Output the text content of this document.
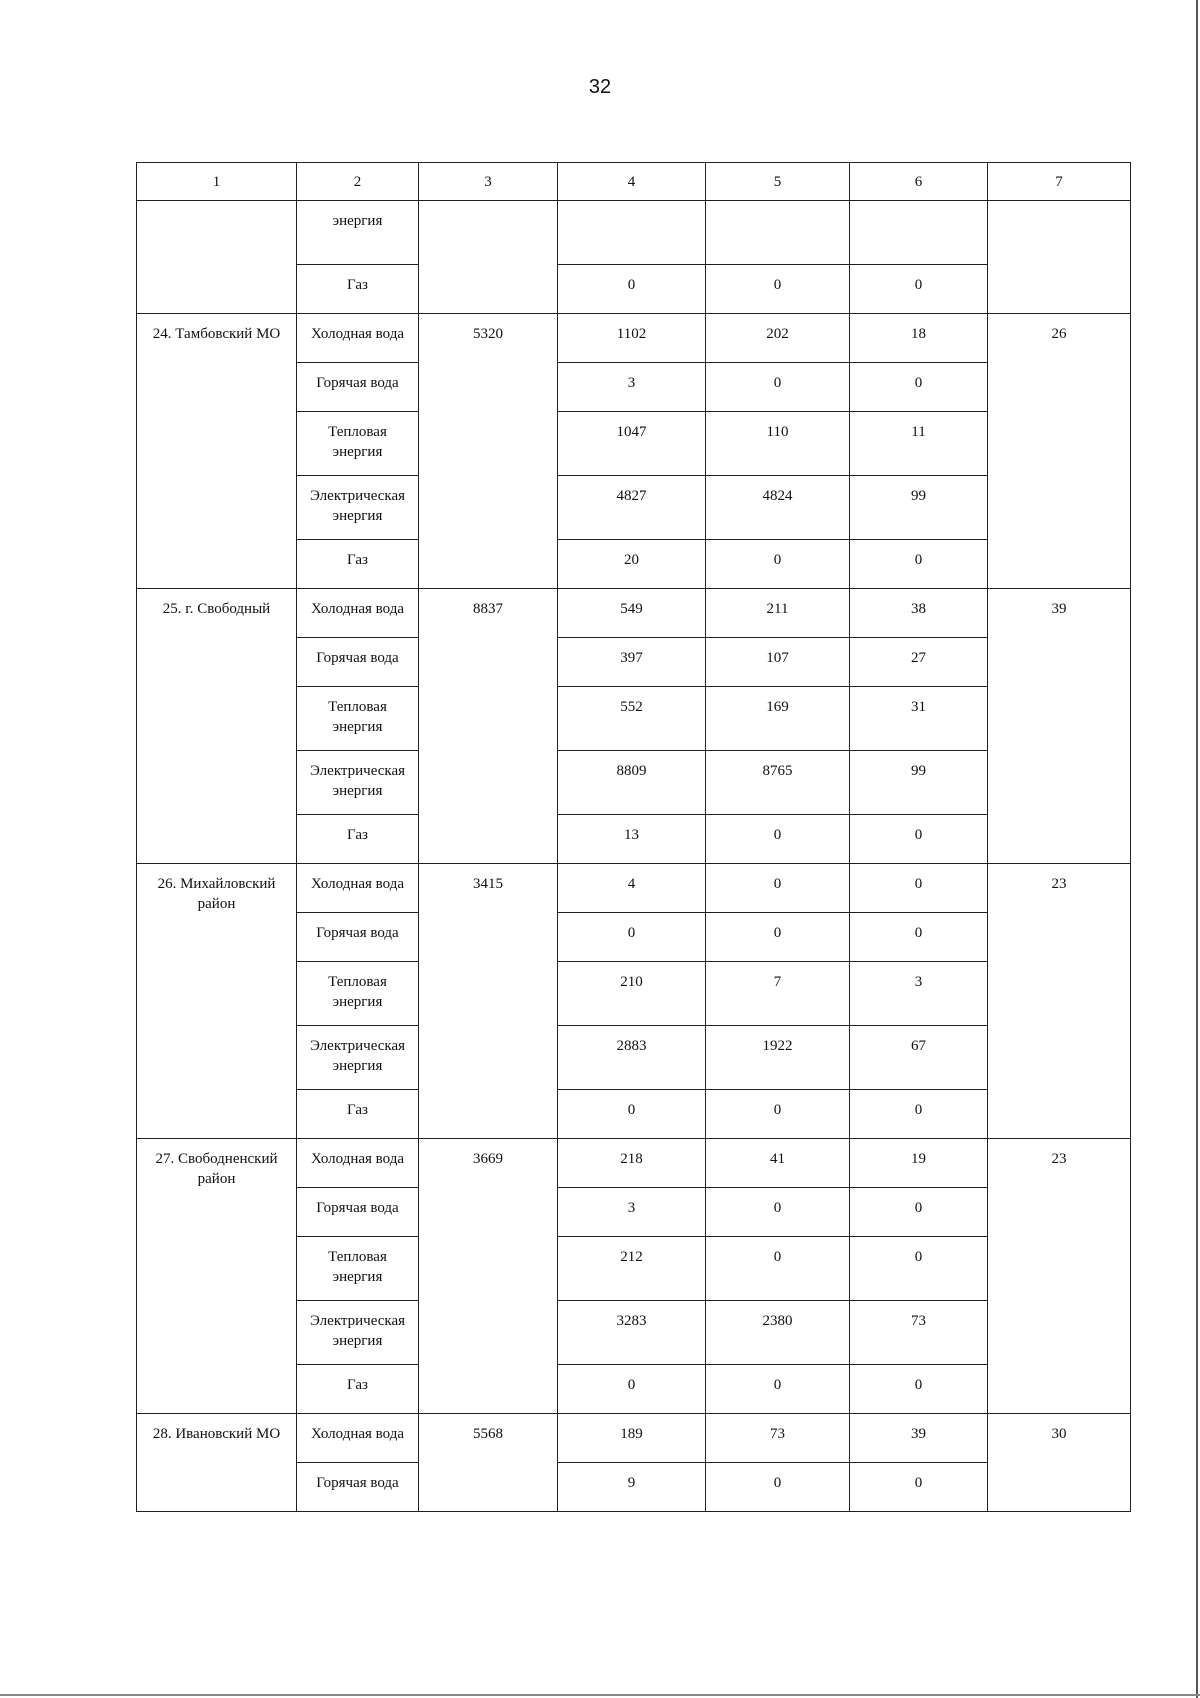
32
1	2	3	4	5	6	7
	энергия					
	Газ		0	0	0	
24. Тамбовский МО	Холодная вода	5320	1102	202	18	26
	Горячая вода		3	0	0	
	Тепловая энергия		1047	110	11	
	Электрическая энергия		4827	4824	99	
	Газ		20	0	0	
25. г. Свободный	Холодная вода	8837	549	211	38	39
	Горячая вода		397	107	27	
	Тепловая энергия		552	169	31	
	Электрическая энергия		8809	8765	99	
	Газ		13	0	0	
26. Михайловский район	Холодная вода	3415	4	0	0	23
	Горячая вода		0	0	0	
	Тепловая энергия		210	7	3	
	Электрическая энергия		2883	1922	67	
	Газ		0	0	0	
27. Свободненский район	Холодная вода	3669	218	41	19	23
	Горячая вода		3	0	0	
	Тепловая энергия		212	0	0	
	Электрическая энергия		3283	2380	73	
	Газ		0	0	0	
28. Ивановский МО	Холодная вода	5568	189	73	39	30
	Горячая вода		9	0	0	
